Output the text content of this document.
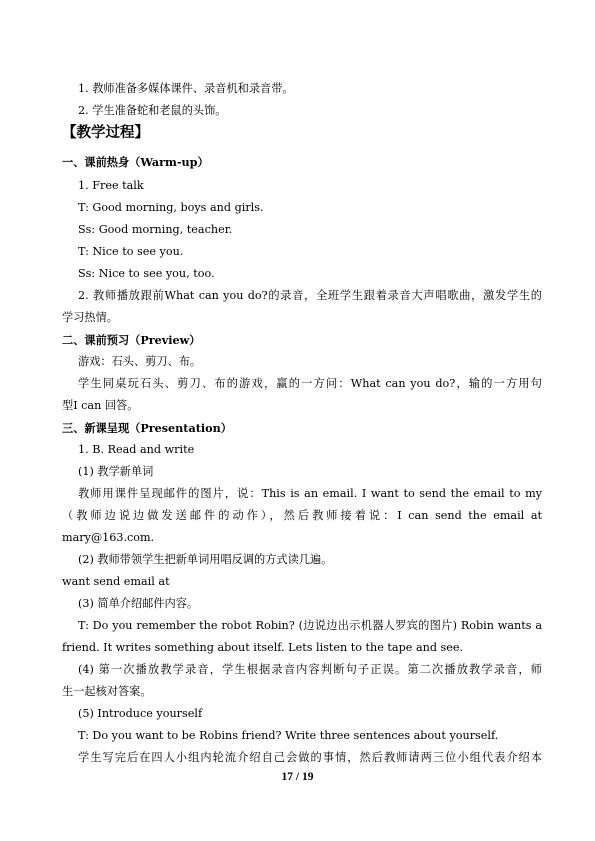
1. 教师准备多媒体课件、录音机和录音带。

2. 学生准备蛇和老鼠的头饰。

【教学过程】

一、课前热身（Warm-up）

1. Free talk

T: Good morning, boys and girls.

Ss: Good morning, teacher.

T: Nice to see you.

Ss: Nice to see you, too.

2. 教师播放跟前What can you do?的录音，全班学生跟着录音大声唱歌曲，激发学生的

学习热情。

二、课前预习（Preview）

游戏：石头、剪刀、布。

学生同桌玩石头、剪刀、布的游戏，赢的一方问：What can you do?，输的一方用句

型I can 回答。

三、新课呈现（Presentation）

1. B. Read and write

(1) 教学新单词

教师用课件呈现邮件的图片，说：This is an email. I want to send the email to my

（教师边说边做发送邮件的动作），然后教师接着说：I can send the email at

mary@163.com.

(2) 教师带领学生把新单词用唱反调的方式读几遍。

want send email at

(3) 简单介绍邮件内容。

T: Do you remember the robot Robin? (边说边出示机器人罗宾的图片) Robin wants a

friend. It writes something about itself. Lets listen to the tape and see.

(4) 第一次播放教学录音，学生根据录音内容判断句子正误。第二次播放教学录音，师

生一起核对答案。

(5) Introduce yourself

T: Do you want to be Robins friend? Write three sentences about yourself.

学生写完后在四人小组内轮流介绍自己会做的事情，然后教师请两三位小组代表介绍本

17 / 19
